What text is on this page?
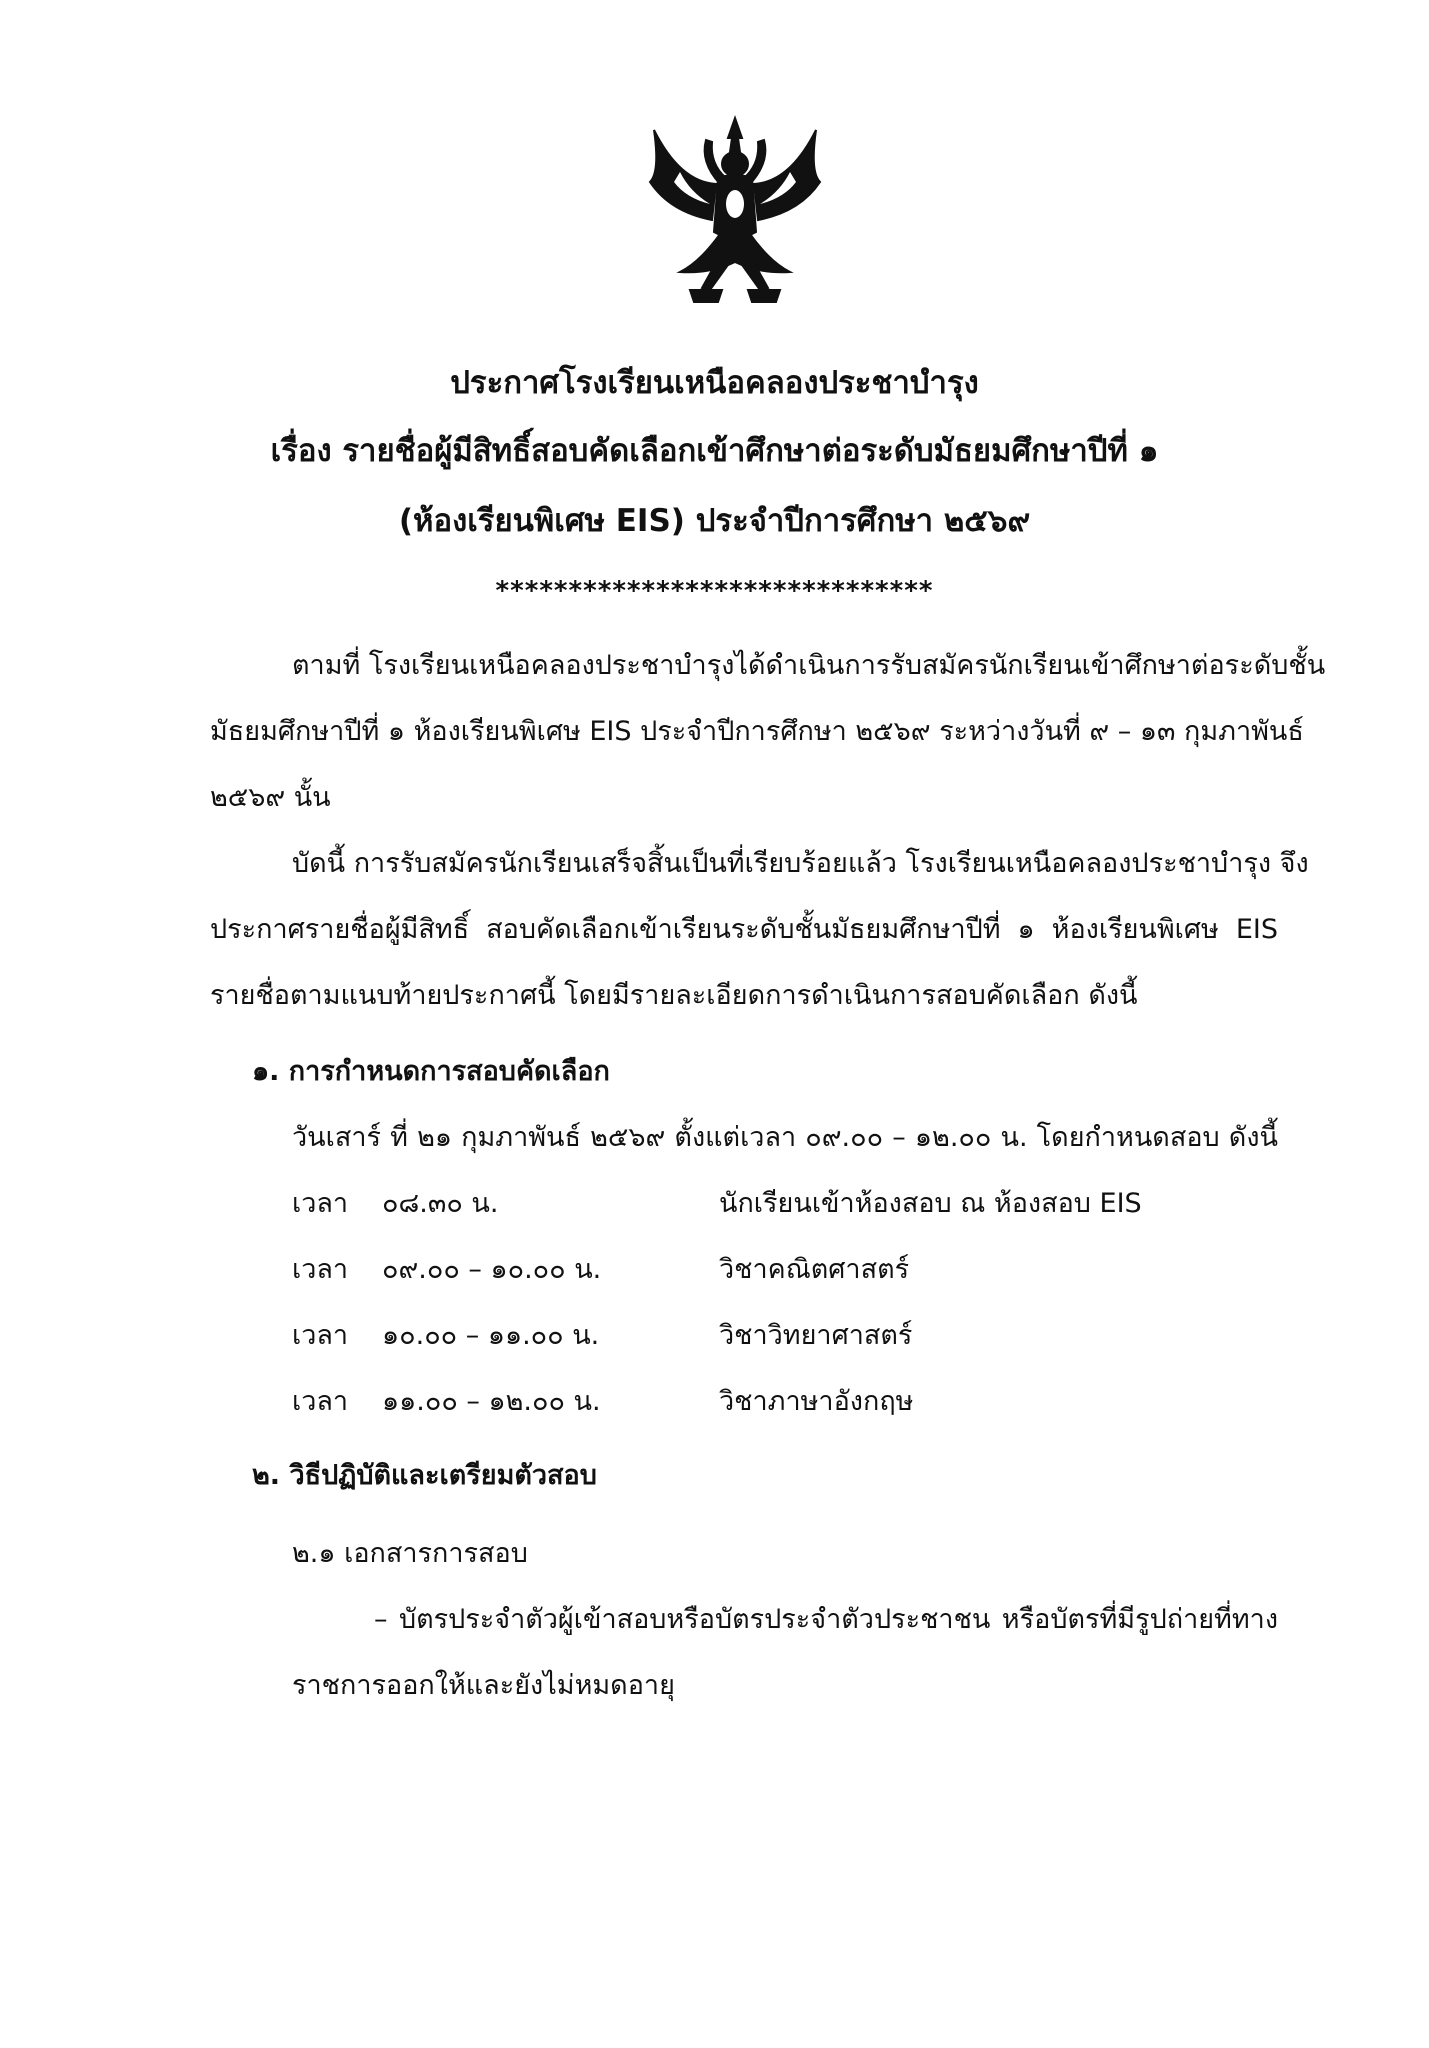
ประกาศโรงเรียนเหนือคลองประชาบำรุง
เรื่อง รายชื่อผู้มีสิทธิ์สอบคัดเลือกเข้าศึกษาต่อระดับมัธยมศึกษาปีที่ ๑
(ห้องเรียนพิเศษ EIS) ประจำปีการศึกษา ๒๕๖๙
******************************
ตามที่ โรงเรียนเหนือคลองประชาบำรุงได้ดำเนินการรับสมัครนักเรียนเข้าศึกษาต่อระดับชั้น
มัธยมศึกษาปีที่ ๑ ห้องเรียนพิเศษ EIS ประจำปีการศึกษา ๒๕๖๙ ระหว่างวันที่ ๙ – ๑๓ กุมภาพันธ์
๒๕๖๙ นั้น
บัดนี้ การรับสมัครนักเรียนเสร็จสิ้นเป็นที่เรียบร้อยแล้ว โรงเรียนเหนือคลองประชาบำรุง จึง
ประกาศรายชื่อผู้มีสิทธิ์ สอบคัดเลือกเข้าเรียนระดับชั้นมัธยมศึกษาปีที่ ๑ ห้องเรียนพิเศษ EIS
รายชื่อตามแนบท้ายประกาศนี้ โดยมีรายละเอียดการดำเนินการสอบคัดเลือก ดังนี้
๑. การกำหนดการสอบคัดเลือก
วันเสาร์ ที่ ๒๑ กุมภาพันธ์ ๒๕๖๙ ตั้งแต่เวลา ๐๙.๐๐ – ๑๒.๐๐ น. โดยกำหนดสอบ ดังนี้
เวลา ๐๘.๓๐ น.	นักเรียนเข้าห้องสอบ ณ ห้องสอบ EIS
เวลา ๐๙.๐๐ – ๑๐.๐๐ น.	วิชาคณิตศาสตร์
เวลา ๑๐.๐๐ – ๑๑.๐๐ น.	วิชาวิทยาศาสตร์
เวลา ๑๑.๐๐ – ๑๒.๐๐ น.	วิชาภาษาอังกฤษ
๒. วิธีปฏิบัติและเตรียมตัวสอบ
๒.๑ เอกสารการสอบ
– บัตรประจำตัวผู้เข้าสอบหรือบัตรประจำตัวประชาชน หรือบัตรที่มีรูปถ่ายที่ทาง
ราชการออกให้และยังไม่หมดอายุ
